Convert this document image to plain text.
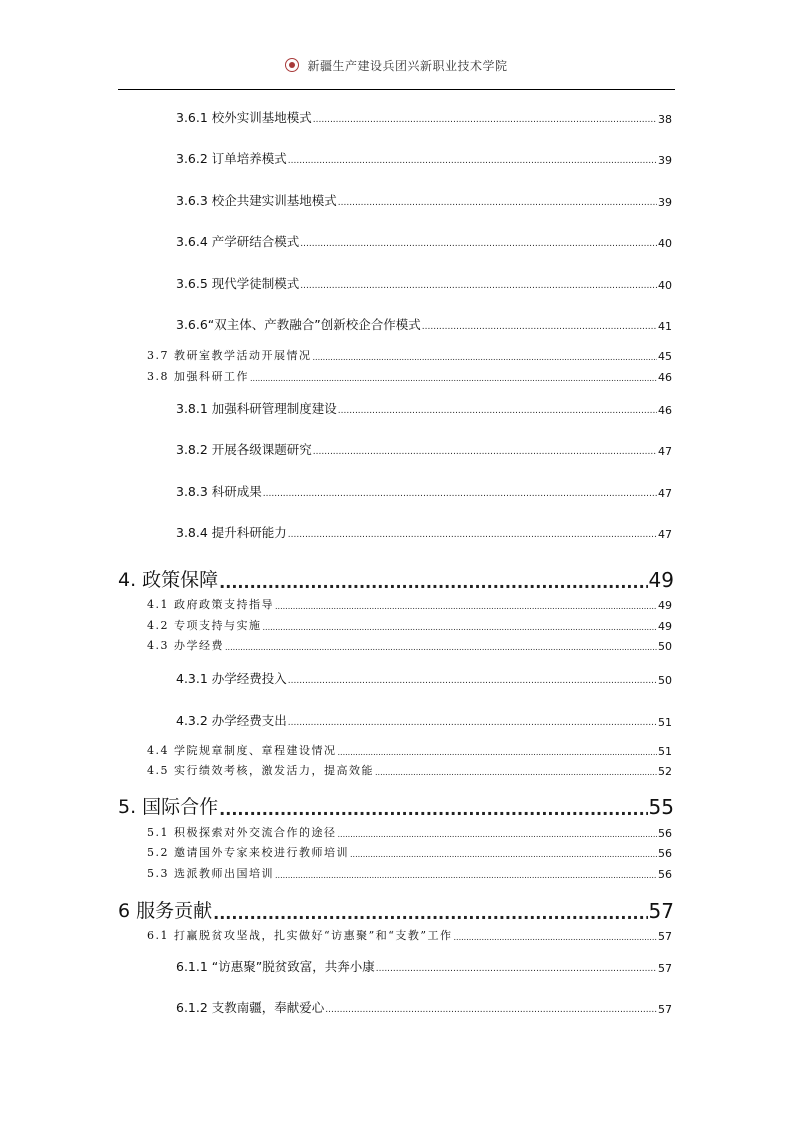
新疆生产建设兵团兴新职业技术学院
3.6.1 校外实训基地模式 .....	38
3.6.2 订单培养模式 .....	39
3.6.3 校企共建实训基地模式 .....	39
3.6.4 产学研结合模式 .....	40
3.6.5 现代学徒制模式 .....	40
3.6.6“双主体、产教融合”创新校企合作模式 .....	41
3.7 教研室教学活动开展情况 .....	45
3.8 加强科研工作 .....	46
3.8.1 加强科研管理制度建设 .....	46
3.8.2 开展各级课题研究 .....	47
3.8.3 科研成果 .....	47
3.8.4 提升科研能力 .....	47
4. 政策保障 .....	49
4.1 政府政策支持指导 .....	49
4.2 专项支持与实施 .....	49
4.3 办学经费 .....	50
4.3.1 办学经费投入 .....	50
4.3.2 办学经费支出 .....	51
4.4 学院规章制度、章程建设情况 .....	51
4.5 实行绩效考核，激发活力，提高效能 .....	52
5. 国际合作 .....	55
5.1 积极探索对外交流合作的途径 .....	56
5.2 邀请国外专家来校进行教师培训 .....	56
5.3 选派教师出国培训 .....	56
6 服务贡献 .....	57
6.1 打赢脱贫攻坚战，扎实做好“访惠聚”和“支教”工作 .....	57
6.1.1 “访惠聚”脱贫致富，共奔小康 .....	57
6.1.2 支教南疆，奉献爱心 .....	57
